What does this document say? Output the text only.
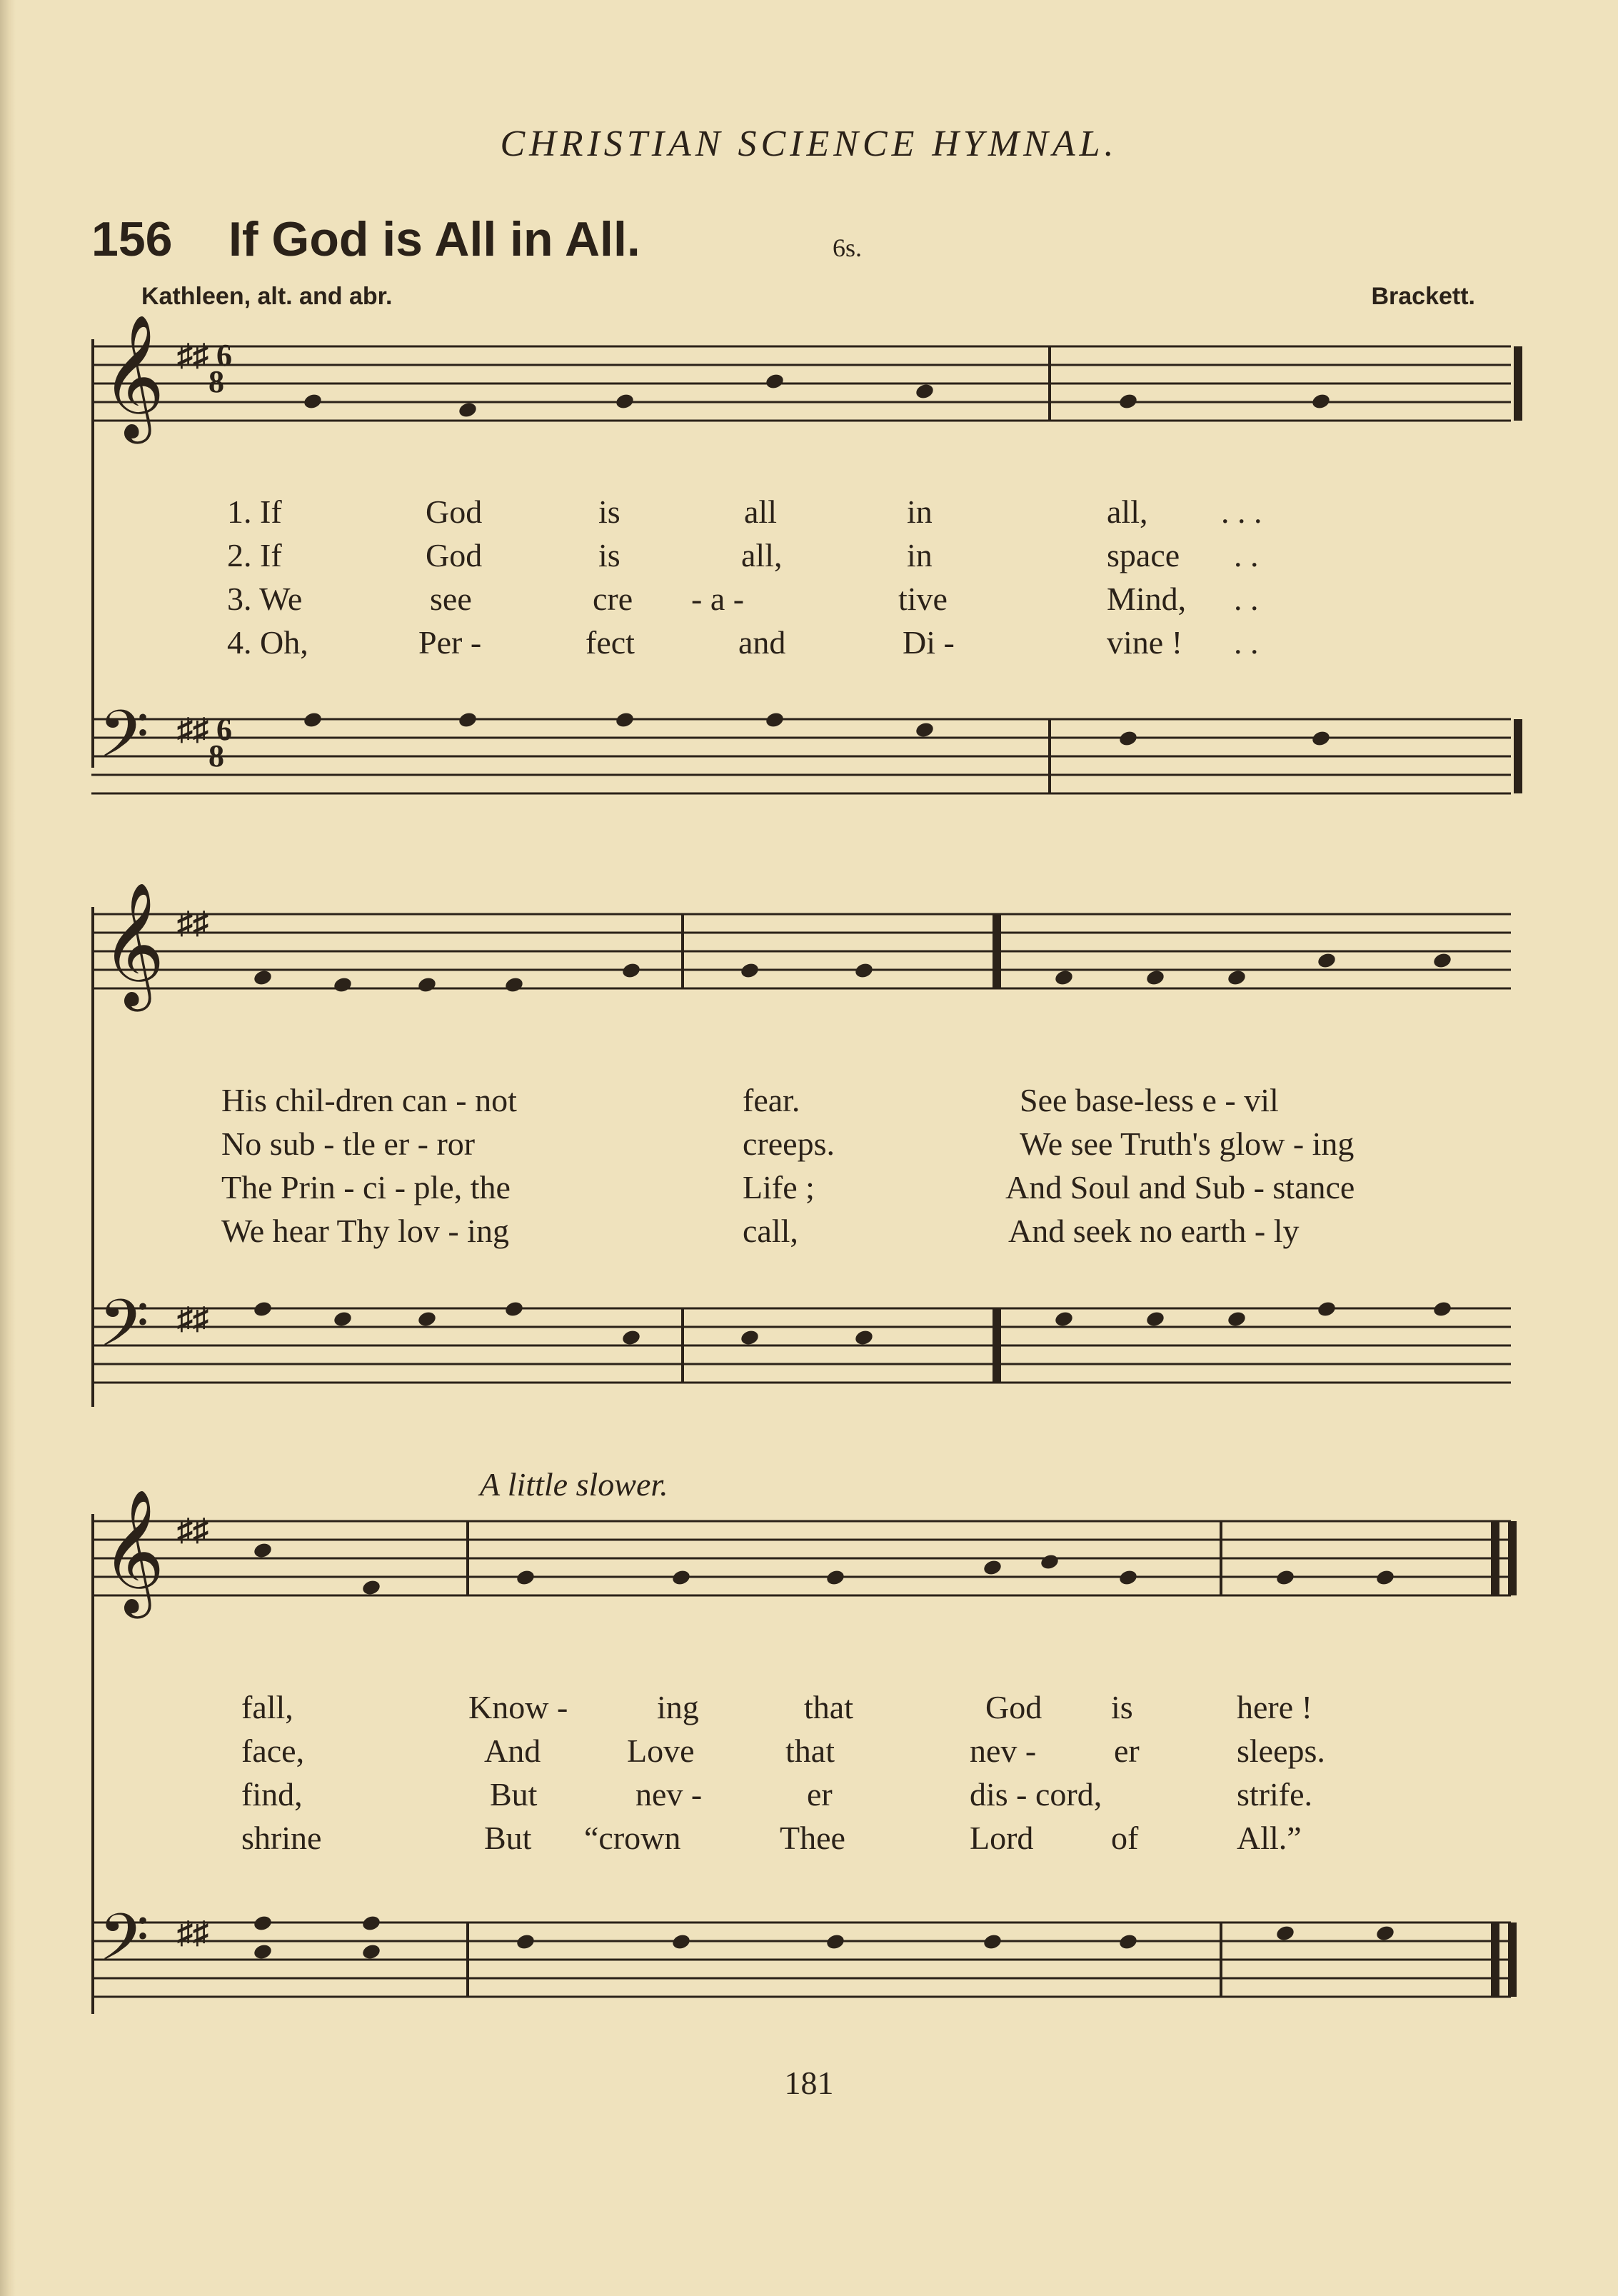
CHRISTIAN SCIENCE HYMNAL.
156 If God is All in All.	6s.
Kathleen, alt. and abr.	Brackett.
𝄞 ♯♯ 6
8
1. If	God	is	all	in	all, . . .
2. If	God	is	all,	in	space . .
3. We	see	cre - a -	tive	Mind, . .
4. Oh,	Per -	fect	and	Di -	vine ! . .
𝄢 ♯♯ 6
8
𝄞 ♯♯
His chil-dren can - not	fear.	See base-less e - vil
No sub - tle er - ror	creeps.	We see Truth's glow - ing
The Prin - ci - ple, the	Life ;	And Soul and Sub - stance
We hear Thy lov - ing	call,	And seek no earth - ly
𝄢 ♯♯
A little slower.
𝄞 ♯♯
fall,	Know -	ing	that	God is	here !
face,	And	Love	that	nev - er	sleeps.
find,	But	nev -	er	dis - cord,	strife.
shrine	But “crown	Thee	Lord of	All.”
𝄢 ♯♯
181
